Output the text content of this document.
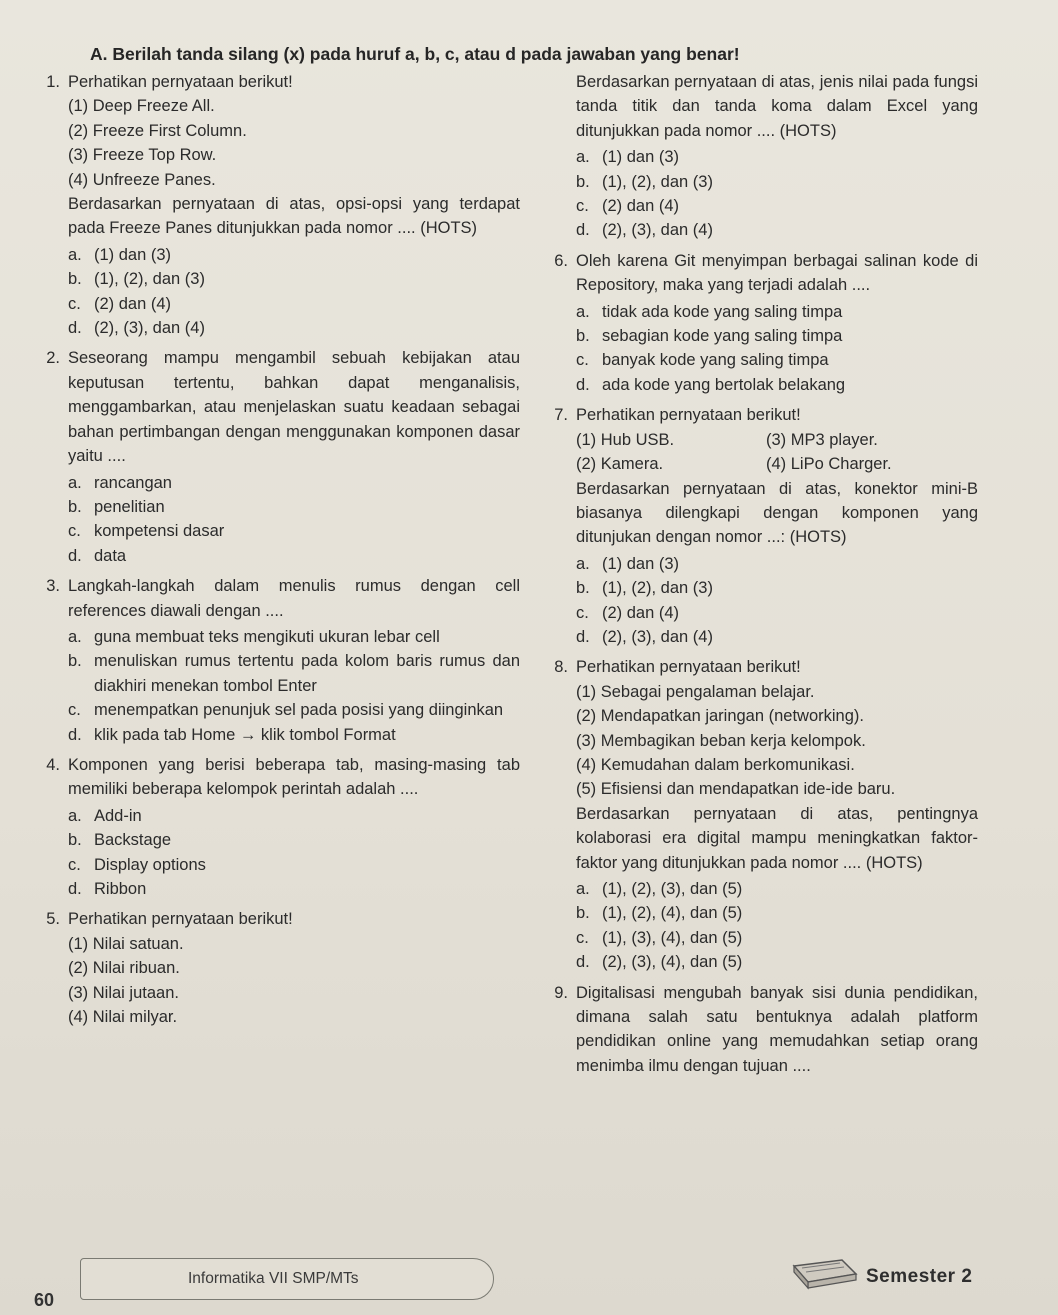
A. Berilah tanda silang (x) pada huruf a, b, c, atau d pada jawaban yang benar!
1. Perhatikan pernyataan berikut!
(1) Deep Freeze All.
(2) Freeze First Column.
(3) Freeze Top Row.
(4) Unfreeze Panes.
Berdasarkan pernyataan di atas, opsi-opsi yang terdapat pada Freeze Panes ditunjukkan pada nomor .... (HOTS)
a. (1) dan (3)
b. (1), (2), dan (3)
c. (2) dan (4)
d. (2), (3), dan (4)
2. Seseorang mampu mengambil sebuah kebijakan atau keputusan tertentu, bahkan dapat menganalisis, menggambarkan, atau menjelaskan suatu keadaan sebagai bahan pertimbangan dengan menggunakan komponen dasar yaitu ....
a. rancangan
b. penelitian
c. kompetensi dasar
d. data
3. Langkah-langkah dalam menulis rumus dengan cell references diawali dengan ....
a. guna membuat teks mengikuti ukuran lebar cell
b. menuliskan rumus tertentu pada kolom baris rumus dan diakhiri menekan tombol Enter
c. menempatkan penunjuk sel pada posisi yang diinginkan
d. klik pada tab Home → klik tombol Format
4. Komponen yang berisi beberapa tab, masing-masing tab memiliki beberapa kelompok perintah adalah ....
a. Add-in
b. Backstage
c. Display options
d. Ribbon
5. Perhatikan pernyataan berikut!
(1) Nilai satuan.
(2) Nilai ribuan.
(3) Nilai jutaan.
(4) Nilai milyar.
Berdasarkan pernyataan di atas, jenis nilai pada fungsi tanda titik dan tanda koma dalam Excel yang ditunjukkan pada nomor .... (HOTS)
a. (1) dan (3)
b. (1), (2), dan (3)
c. (2) dan (4)
d. (2), (3), dan (4)
6. Oleh karena Git menyimpan berbagai salinan kode di Repository, maka yang terjadi adalah ....
a. tidak ada kode yang saling timpa
b. sebagian kode yang saling timpa
c. banyak kode yang saling timpa
d. ada kode yang bertolak belakang
7. Perhatikan pernyataan berikut!
(1) Hub USB.	(3) MP3 player.
(2) Kamera.	(4) LiPo Charger.
Berdasarkan pernyataan di atas, konektor mini-B biasanya dilengkapi dengan komponen yang ditunjukan dengan nomor ...: (HOTS)
a. (1) dan (3)
b. (1), (2), dan (3)
c. (2) dan (4)
d. (2), (3), dan (4)
8. Perhatikan pernyataan berikut!
(1) Sebagai pengalaman belajar.
(2) Mendapatkan jaringan (networking).
(3) Membagikan beban kerja kelompok.
(4) Kemudahan dalam berkomunikasi.
(5) Efisiensi dan mendapatkan ide-ide baru.
Berdasarkan pernyataan di atas, pentingnya kolaborasi era digital mampu meningkatkan faktor-faktor yang ditunjukkan pada nomor .... (HOTS)
a. (1), (2), (3), dan (5)
b. (1), (2), (4), dan (5)
c. (1), (3), (4), dan (5)
d. (2), (3), (4), dan (5)
9. Digitalisasi mengubah banyak sisi dunia pendidikan, dimana salah satu bentuknya adalah platform pendidikan online yang memudahkan setiap orang menimba ilmu dengan tujuan ....
Informatika VII SMP/MTs
60
Semester 2
